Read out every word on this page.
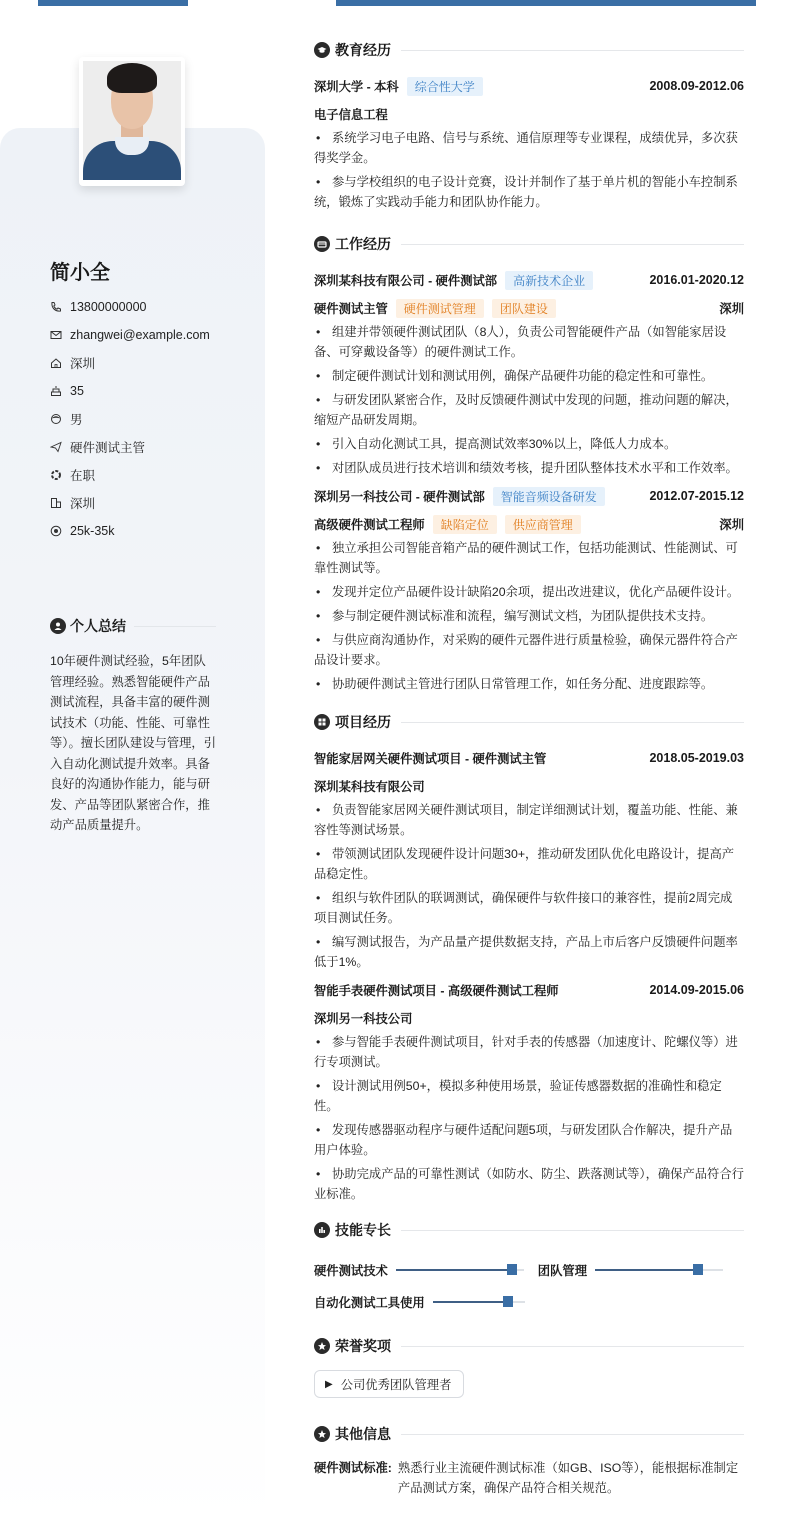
简小全
13800000000
zhangwei@example.com
深圳
35
男
硬件测试主管
在职
深圳
25k-35k
个人总结
10年硬件测试经验，5年团队管理经验。熟悉智能硬件产品测试流程，具备丰富的硬件测试技术（功能、性能、可靠性等）。擅长团队建设与管理，引入自动化测试提升效率。具备良好的沟通协作能力，能与研发、产品等团队紧密合作，推动产品质量提升。
教育经历
深圳大学 - 本科	综合性大学	2008.09-2012.06
电子信息工程
• 系统学习电子电路、信号与系统、通信原理等专业课程，成绩优异，多次获得奖学金。
• 参与学校组织的电子设计竞赛，设计并制作了基于单片机的智能小车控制系统，锻炼了实践动手能力和团队协作能力。
工作经历
深圳某科技有限公司 - 硬件测试部	高新技术企业	2016.01-2020.12
硬件测试主管	硬件测试管理	团队建设	深圳
• 组建并带领硬件测试团队（8人），负责公司智能硬件产品（如智能家居设备、可穿戴设备等）的硬件测试工作。
• 制定硬件测试计划和测试用例，确保产品硬件功能的稳定性和可靠性。
• 与研发团队紧密合作，及时反馈硬件测试中发现的问题，推动问题的解决，缩短产品研发周期。
• 引入自动化测试工具，提高测试效率30%以上，降低人力成本。
• 对团队成员进行技术培训和绩效考核，提升团队整体技术水平和工作效率。
深圳另一科技公司 - 硬件测试部	智能音频设备研发	2012.07-2015.12
高级硬件测试工程师	缺陷定位	供应商管理	深圳
• 独立承担公司智能音箱产品的硬件测试工作，包括功能测试、性能测试、可靠性测试等。
• 发现并定位产品硬件设计缺陷20余项，提出改进建议，优化产品硬件设计。
• 参与制定硬件测试标准和流程，编写测试文档，为团队提供技术支持。
• 与供应商沟通协作，对采购的硬件元器件进行质量检验，确保元器件符合产品设计要求。
• 协助硬件测试主管进行团队日常管理工作，如任务分配、进度跟踪等。
项目经历
智能家居网关硬件测试项目 - 硬件测试主管	2018.05-2019.03
深圳某科技有限公司
• 负责智能家居网关硬件测试项目，制定详细测试计划，覆盖功能、性能、兼容性等测试场景。
• 带领测试团队发现硬件设计问题30+，推动研发团队优化电路设计，提高产品稳定性。
• 组织与软件团队的联调测试，确保硬件与软件接口的兼容性，提前2周完成项目测试任务。
• 编写测试报告，为产品量产提供数据支持，产品上市后客户反馈硬件问题率低于1%。
智能手表硬件测试项目 - 高级硬件测试工程师	2014.09-2015.06
深圳另一科技公司
• 参与智能手表硬件测试项目，针对手表的传感器（加速度计、陀螺仪等）进行专项测试。
• 设计测试用例50+，模拟多种使用场景，验证传感器数据的准确性和稳定性。
• 发现传感器驱动程序与硬件适配问题5项，与研发团队合作解决，提升产品用户体验。
• 协助完成产品的可靠性测试（如防水、防尘、跌落测试等），确保产品符合行业标准。
技能专长
硬件测试技术	团队管理
自动化测试工具使用
荣誉奖项
▶ 公司优秀团队管理者
其他信息
硬件测试标准: 熟悉行业主流硬件测试标准（如GB、ISO等），能根据标准制定产品测试方案，确保产品符合相关规范。
